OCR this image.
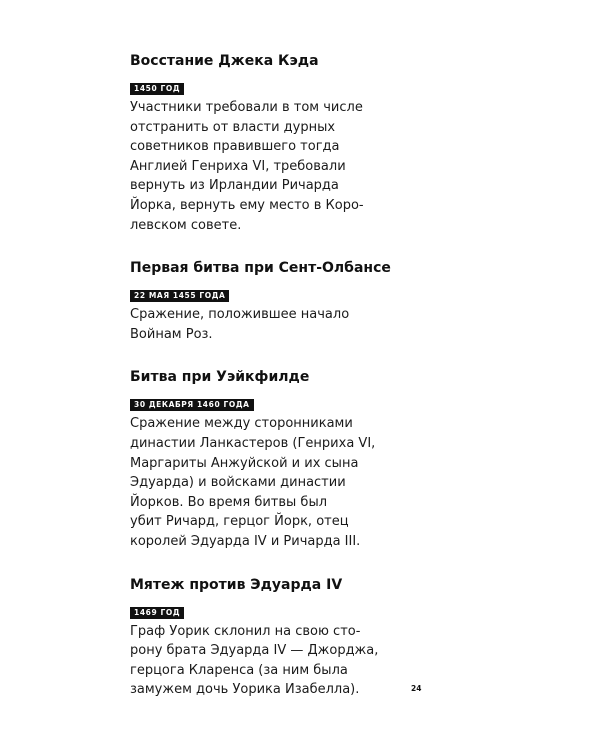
Восстание Джека Кэда
1450 ГОД

Участники требовали в том числе
отстранить от власти дурных
советников правившего тогда
Англией Генриха VI, требовали
вернуть из Ирландии Ричарда
Йорка, вернуть ему место в Коро-
левском совете.

Первая битва при Сент-Олбансе
22 МАЯ 1455 ГОДА

Сражение, положившее начало
Войнам Роз.

Битва при Уэйкфилде
30 ДЕКАБРЯ 1460 ГОДА

Сражение между сторонниками
династии Ланкастеров (Генриха VI,
Маргариты Анжуйской и их сына
Эдуарда) и войсками династии
Йорков. Во время битвы был
убит Ричард, герцог Йорк, отец
королей Эдуарда IV и Ричарда III.

Мятеж против Эдуарда IV
1469 ГОД

Граф Уорик склонил на свою сто-
рону брата Эдуарда IV — Джорджа,
герцога Кларенса (за ним была
замужем дочь Уорика Изабелла).	24
